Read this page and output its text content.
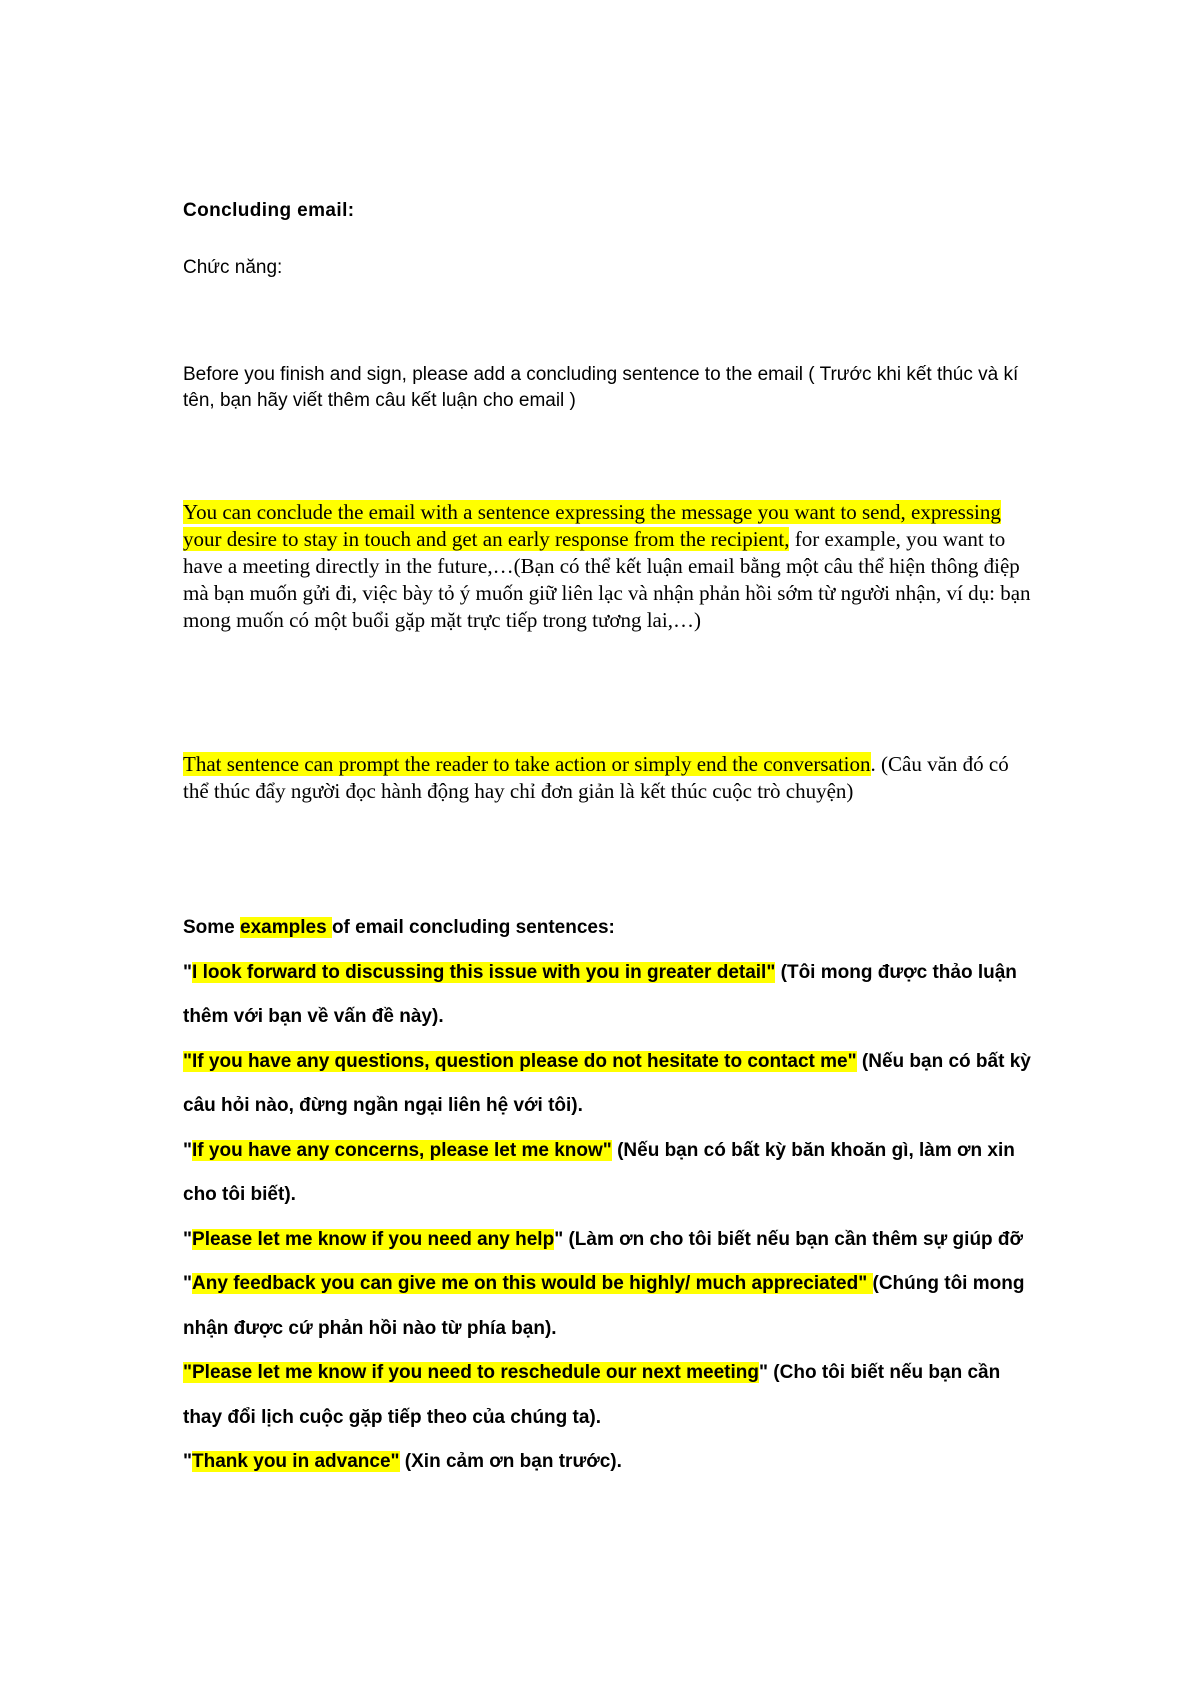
Concluding email:

Chức năng:

Before you finish and sign, please add a concluding sentence to the email ( Trước khi kết thúc và kí tên, bạn hãy viết thêm câu kết luận cho email )

You can conclude the email with a sentence expressing the message you want to send, expressing your desire to stay in touch and get an early response from the recipient, for example, you want to have a meeting directly in the future,…(Bạn có thể kết luận email bằng một câu thể hiện thông điệp mà bạn muốn gửi đi, việc bày tỏ ý muốn giữ liên lạc và nhận phản hồi sớm từ người nhận, ví dụ: bạn mong muốn có một buổi gặp mặt trực tiếp trong tương lai,…)

That sentence can prompt the reader to take action or simply end the conversation. (Câu văn đó có thể thúc đẩy người đọc hành động hay chỉ đơn giản là kết thúc cuộc trò chuyện)

Some examples of email concluding sentences:

"I look forward to discussing this issue with you in greater detail" (Tôi mong được thảo luận thêm với bạn về vấn đề này).

"If you have any questions, question please do not hesitate to contact me" (Nếu bạn có bất kỳ câu hỏi nào, đừng ngần ngại liên hệ với tôi).

"If you have any concerns, please let me know" (Nếu bạn có bất kỳ băn khoăn gì, làm ơn xin cho tôi biết).

"Please let me know if you need any help" (Làm ơn cho tôi biết nếu bạn cần thêm sự giúp đỡ "Any feedback you can give me on this would be highly/ much appreciated" (Chúng tôi mong nhận được cứ phản hồi nào từ phía bạn).

"Please let me know if you need to reschedule our next meeting" (Cho tôi biết nếu bạn cần thay đổi lịch cuộc gặp tiếp theo của chúng ta).

"Thank you in advance" (Xin cảm ơn bạn trước).
